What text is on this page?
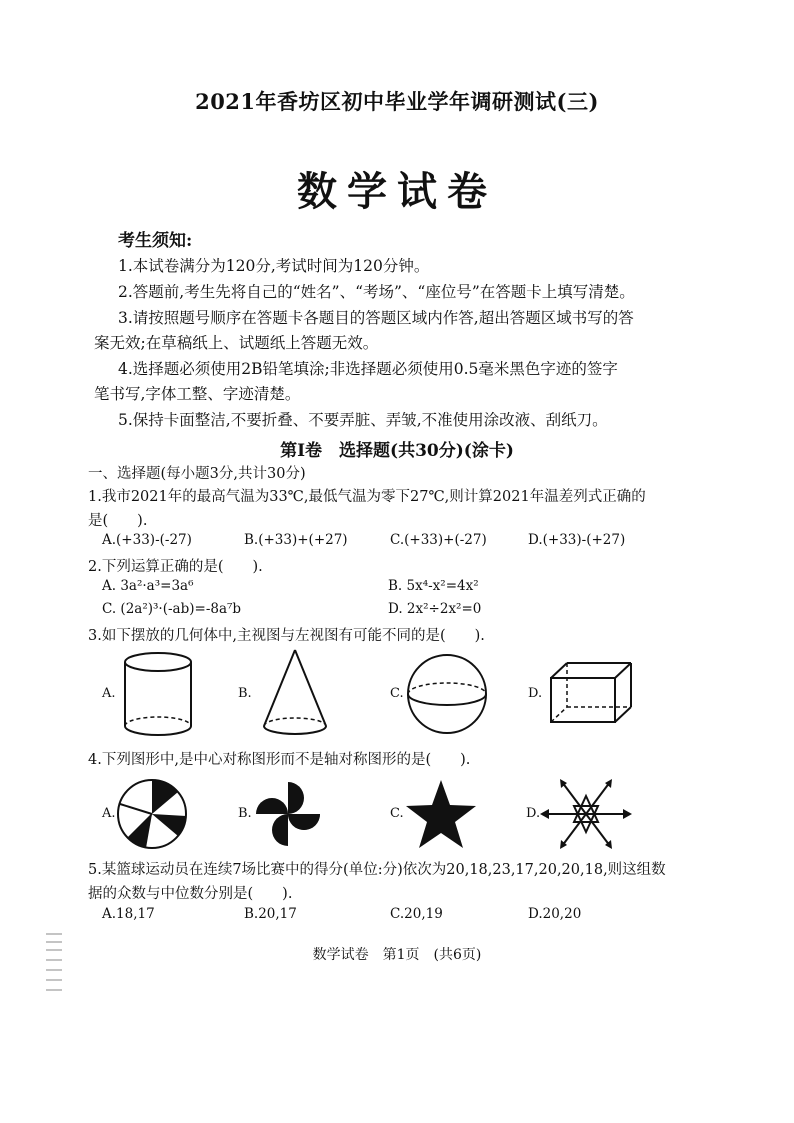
2021年香坊区初中毕业学年调研测试(三)
数学试卷
考生须知:
1.本试卷满分为120分,考试时间为120分钟。
2.答题前,考生先将自己的“姓名”、“考场”、“座位号”在答题卡上填写清楚。
3.请按照题号顺序在答题卡各题目的答题区域内作答,超出答题区域书写的答
案无效;在草稿纸上、试题纸上答题无效。
4.选择题必须使用2B铅笔填涂;非选择题必须使用0.5毫米黑色字迹的签字
笔书写,字体工整、字迹清楚。
5.保持卡面整洁,不要折叠、不要弄脏、弄皱,不准使用涂改液、刮纸刀。
第Ⅰ卷　选择题(共30分)(涂卡)
一、选择题(每小题3分,共计30分)
1.我市2021年的最高气温为33℃,最低气温为零下27℃,则计算2021年温差列式正确的
是(　　).
A.(+33)-(-27)	B.(+33)+(+27)	C.(+33)+(-27)	D.(+33)-(+27)
2.下列运算正确的是(　　).
A. 3a²·a³=3a⁶	B. 5x⁴-x²=4x²
C. (2a²)³·(-ab)=-8a⁷b	D. 2x²÷2x²=0
3.如下摆放的几何体中,主视图与左视图有可能不同的是(　　).
A.	B.	C.	D.
4.下列图形中,是中心对称图形而不是轴对称图形的是(　　).
A.	B.	C.	D.
5.某篮球运动员在连续7场比赛中的得分(单位:分)依次为20,18,23,17,20,20,18,则这组数
据的众数与中位数分别是(　　).
A.18,17	B.20,17	C.20,19	D.20,20
数学试卷　第1页　(共6页)
